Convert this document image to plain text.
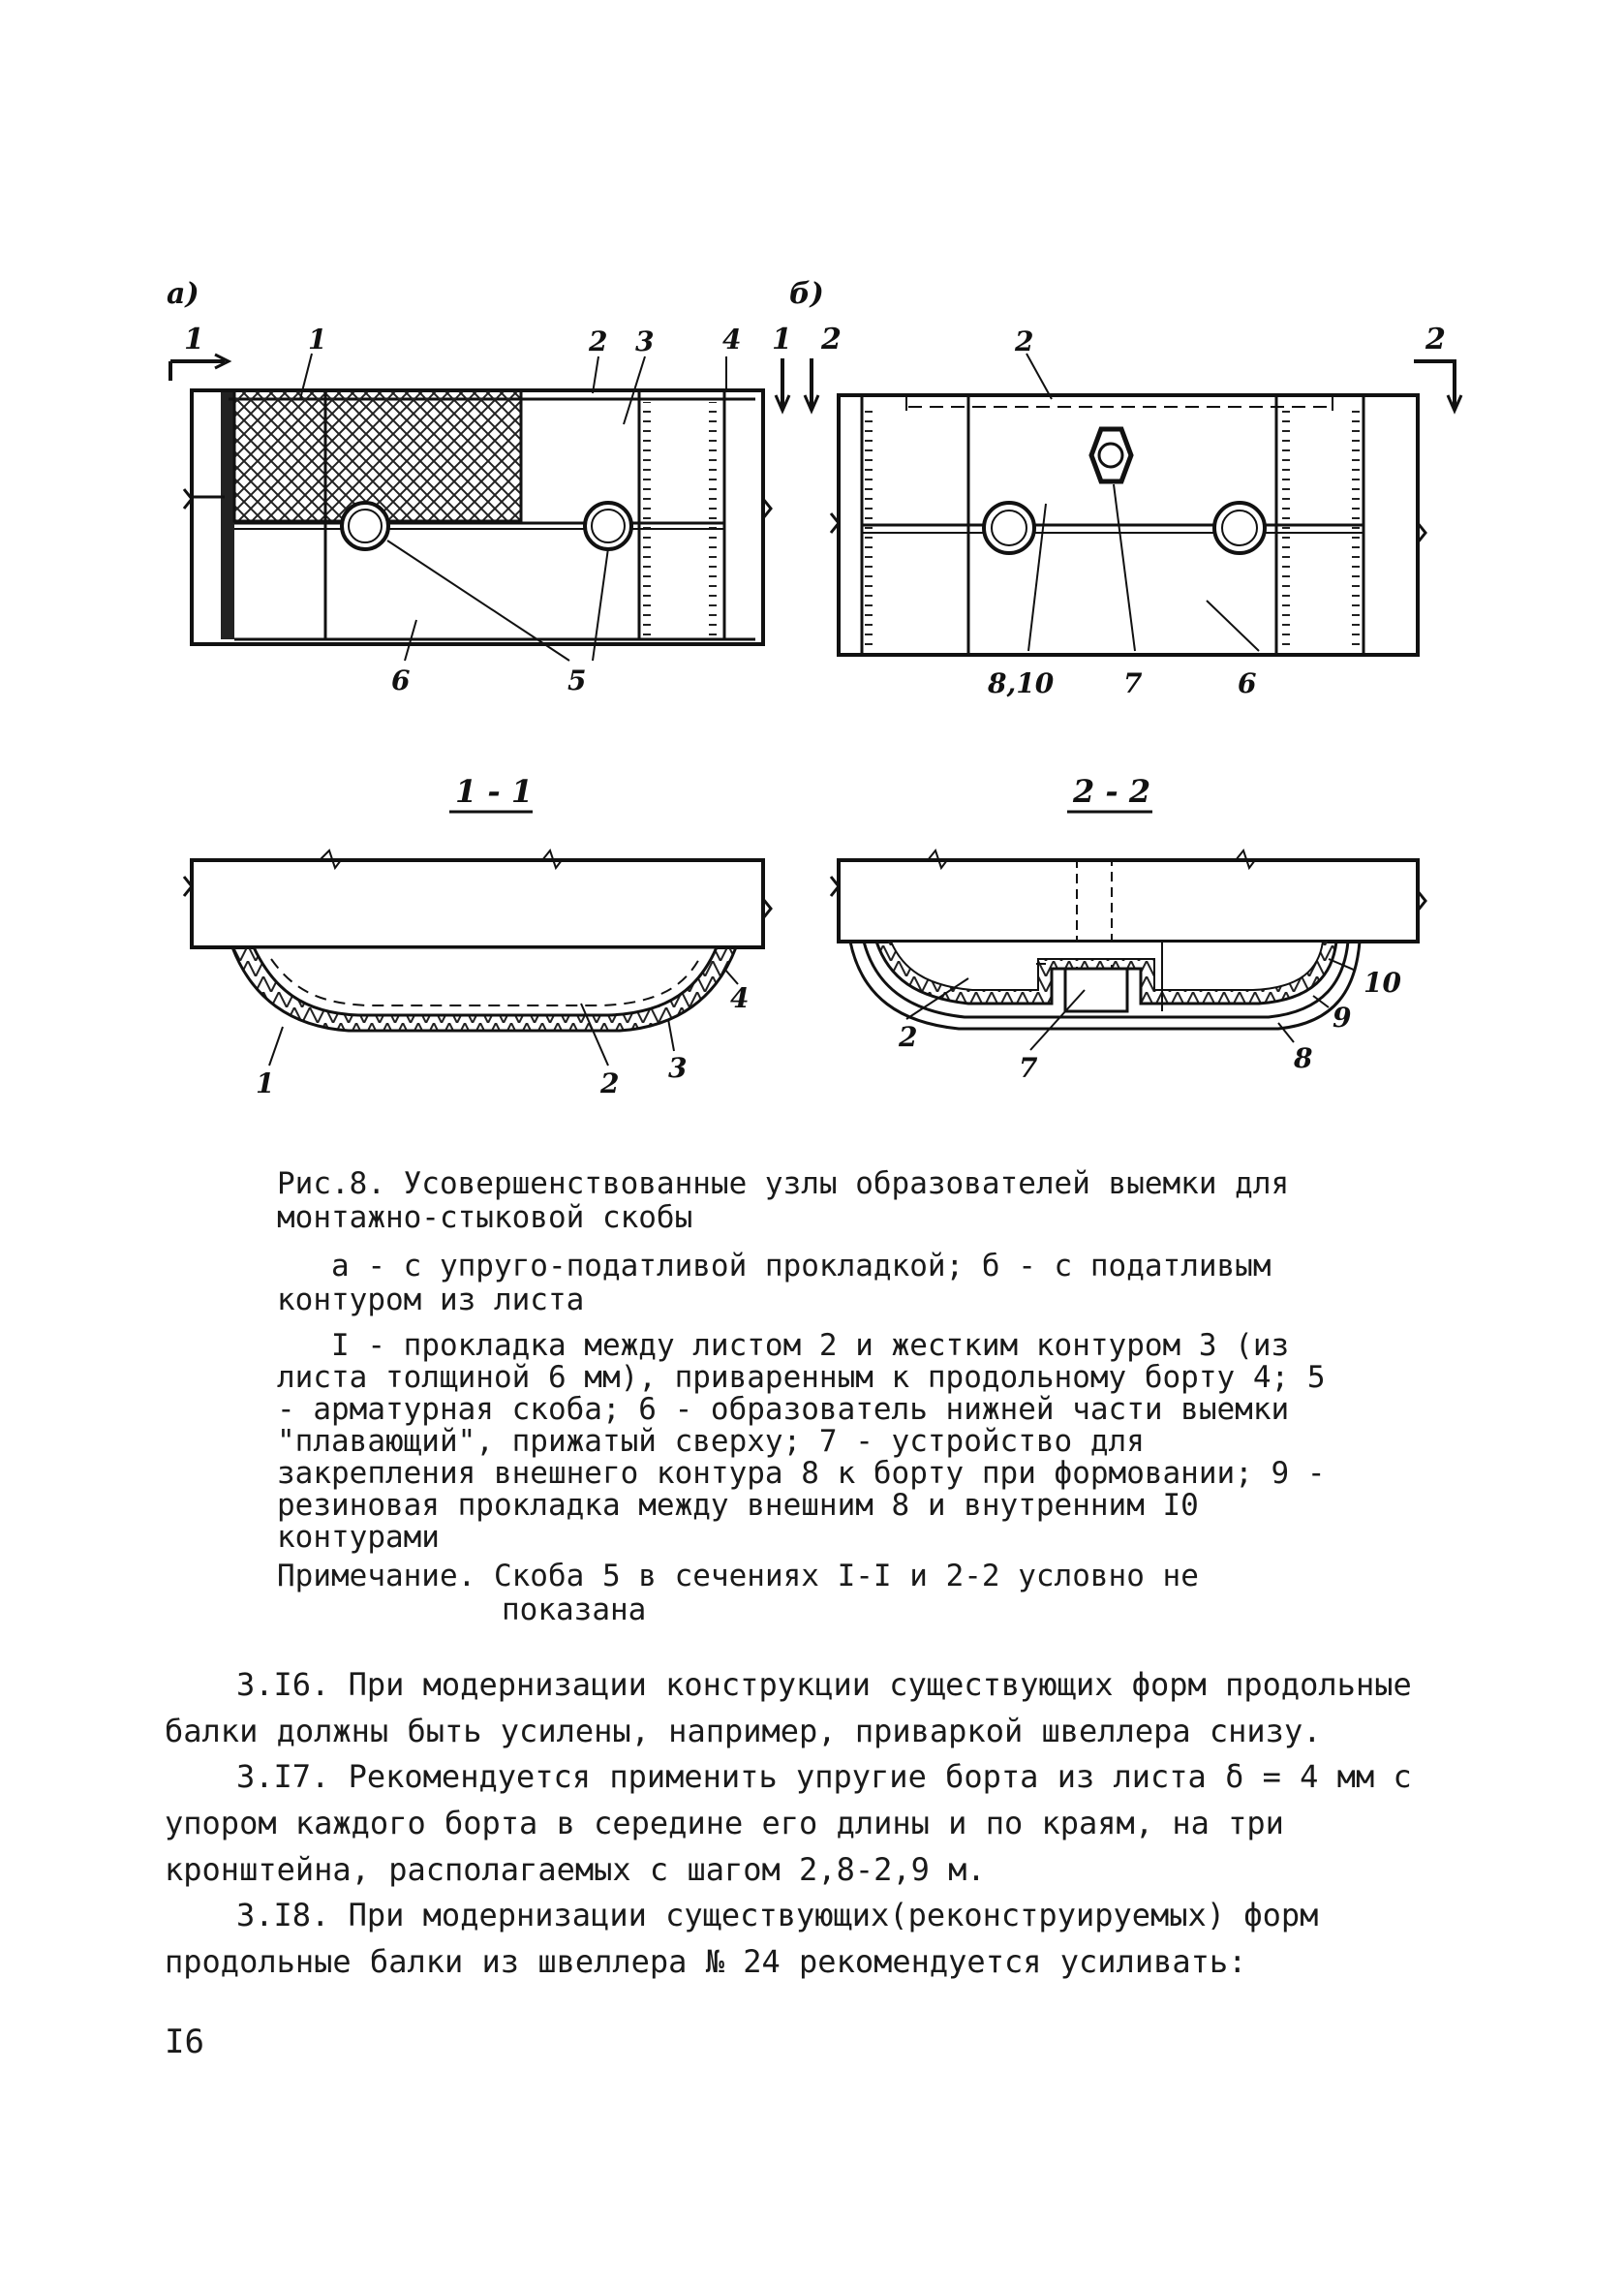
а)
1	1
1	2 3	4
5
6
б)
2	2
2
8,10	7	6
1 - 1
1	2 3
4
2 - 2
2
7	8
9
10
Рис.8. Усовершенствованные узлы образователей выемки для монтажно-стыковой скобы
а - с упруго-податливой прокладкой; б - с податливым контуром из листа
I - прокладка между листом 2 и жестким контуром 3 (из листа толщиной 6 мм), приваренным к продольному борту 4; 5 - арматурная скоба; 6 - образователь нижней части выемки "плавающий", прижатый сверху; 7 - устройство для закрепления внешнего контура 8 к борту при формовании; 9 - резиновая прокладка между внешним 8 и внутренним I0 контурами
Примечание. Скоба 5 в сечениях I-I и 2-2 условно не
показана
3.I6. При модернизации конструкции существующих форм продольные балки должны быть усилены, например, приваркой швеллера снизу.
3.I7. Рекомендуется применить упругие борта из листа δ = 4 мм с упором каждого борта в середине его длины и по краям, на три кронштейна, располагаемых с шагом 2,8-2,9 м.
3.I8. При модернизации существующих(реконструируемых) форм продольные балки из швеллера № 24 рекомендуется усиливать:
I6
